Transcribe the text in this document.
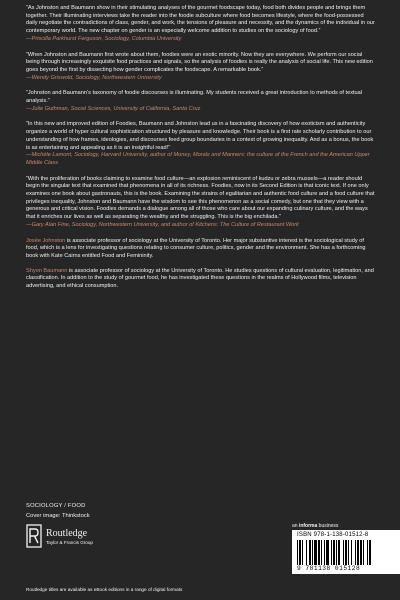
“As Johnston and Baumann show in their stimulating analyses of the gourmet foodscape today, food both divides people and brings them together. Their illuminating interviews take the reader into the foodie subculture where food becomes lifestyle, where the food-possessed daily negotiate the contradictions of class, gender, and work, the tensions of pleasure and necessity, and the dynamics of the individual in our contemporary world. The new chapter on gender is an especially welcome addition to studies on the sociology of food.”

—Priscilla Parkhurst Ferguson, Sociology, Columbia University

“When Johnston and Baumann first wrote about them, foodies were an exotic minority. Now they are everywhere. We perform our social being through increasingly exquisite food practices and signals, so the analysis of foodies is really the analysis of social life. This new edition goes beyond the first by dissecting how gender complicates the foodscape. A remarkable book.”

—Wendy Griswold, Sociology, Northwestern University

“Johnston and Baumann’s taxonomy of foodie discourses is illuminating. My students received a great introduction to methods of textual analysis.”

—Julie Guthman, Social Sciences, University of California, Santa Cruz

“In this new and improved edition of Foodies, Baumann and Johnston lead us in a fascinating discovery of how exoticism and authenticity organize a world of hyper cultural sophistication structured by pleasure and knowledge. Their book is a first rate scholarly contribution to our understanding of how frames, ideologies, and discourses feed group boundaries in a context of growing inequality. And as a bonus, the book is as entertaining and appealing as it is an insightful read!”

—Michèle Lamont, Sociology, Harvard University, author of Money, Morals and Manners: the culture of the French and the American Upper Middle Class

“With the proliferation of books claiming to examine food culture—an explosion reminiscent of kudzu or zebra mussels—a reader should begin the singular text that examined that phenomena in all of its richness. Foodies, now in its Second Edition is that iconic text. If one only examines one book about gastronauts, this is the book. Examining the strains of egalitarian and authentic food culture and a food culture that privileges inequality, Johnston and Baumann have the wisdom to see this phenomenon as a social comedy, but one that they view with a generous and critical vision. Foodies demands a dialogue among all of those who care about our expanding culinary culture, and the ways that it enriches our lives as well as separating the wealthy and the struggling. This is the big enchilada.”

—Gary Alan Fine, Sociology, Northwestern University, and author of Kitchens: The Culture of Restaurant Work

Josée Johnston is associate professor of sociology at the University of Toronto. Her major substantive interest is the sociological study of food, which is a lens for investigating questions relating to consumer culture, politics, gender and the environment. She has a forthcoming book with Kate Cairns entitled Food and Femininity.

Shyon Baumann is associate professor of sociology at the University of Toronto. He studies questions of cultural evaluation, legitimation, and classification. In addition to the study of gourmet food, he has investigated these questions in the realms of Hollywood films, television advertising, and ethical consumption.

SOCIOLOGY / FOOD
Cover image: Thinkstock
Routledge
Taylor & Francis Group
an informa business
ISBN 978-1-138-01512-8
9 781138 015128
Routledge titles are available as eBook editions in a range of digital formats
